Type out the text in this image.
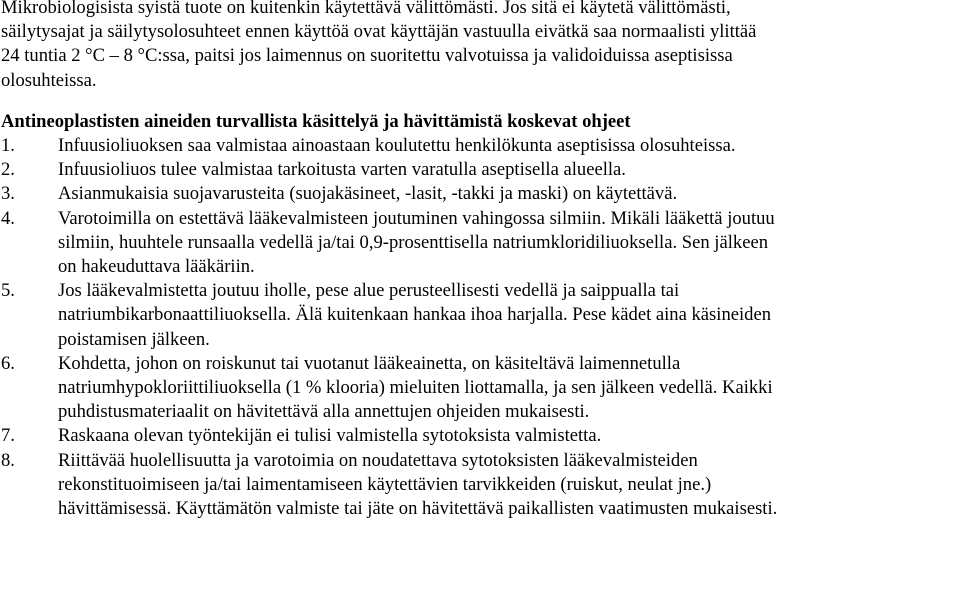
Mikrobiologisista syistä tuote on kuitenkin käytettävä välittömästi. Jos sitä ei käytetä välittömästi,
säilytysajat ja säilytysolosuhteet ennen käyttöä ovat käyttäjän vastuulla eivätkä saa normaalisti ylittää
24 tuntia 2 °C – 8 °C:ssa, paitsi jos laimennus on suoritettu valvotuissa ja validoiduissa aseptisissa
olosuhteissa.

Antineoplastisten aineiden turvallista käsittelyä ja hävittämistä koskevat ohjeet

1. Infuusioliuoksen saa valmistaa ainoastaan koulutettu henkilökunta aseptisissa olosuhteissa.
2. Infuusioliuos tulee valmistaa tarkoitusta varten varatulla aseptisella alueella.
3. Asianmukaisia suojavarusteita (suojakäsineet, -lasit, -takki ja maski) on käytettävä.
4. Varotoimilla on estettävä lääkevalmisteen joutuminen vahingossa silmiin. Mikäli lääkettä joutuu
silmiin, huuhtele runsaalla vedellä ja/tai 0,9-prosenttisella natriumkloridiliuoksella. Sen jälkeen
on hakeuduttava lääkäriin.
5. Jos lääkevalmistetta joutuu iholle, pese alue perusteellisesti vedellä ja saippualla tai
natriumbikarbonaattiliuoksella. Älä kuitenkaan hankaa ihoa harjalla. Pese kädet aina käsineiden
poistamisen jälkeen.
6. Kohdetta, johon on roiskunut tai vuotanut lääkeainetta, on käsiteltävä laimennetulla
natriumhypokloriittiliuoksella (1 % klooria) mieluiten liottamalla, ja sen jälkeen vedellä. Kaikki
puhdistusmateriaalit on hävitettävä alla annettujen ohjeiden mukaisesti.
7. Raskaana olevan työntekijän ei tulisi valmistella sytotoksista valmistetta.
8. Riittävää huolellisuutta ja varotoimia on noudatettava sytotoksisten lääkevalmisteiden
rekonstituoimiseen ja/tai laimentamiseen käytettävien tarvikkeiden (ruiskut, neulat jne.)
hävittämisessä. Käyttämätön valmiste tai jäte on hävitettävä paikallisten vaatimusten mukaisesti.
